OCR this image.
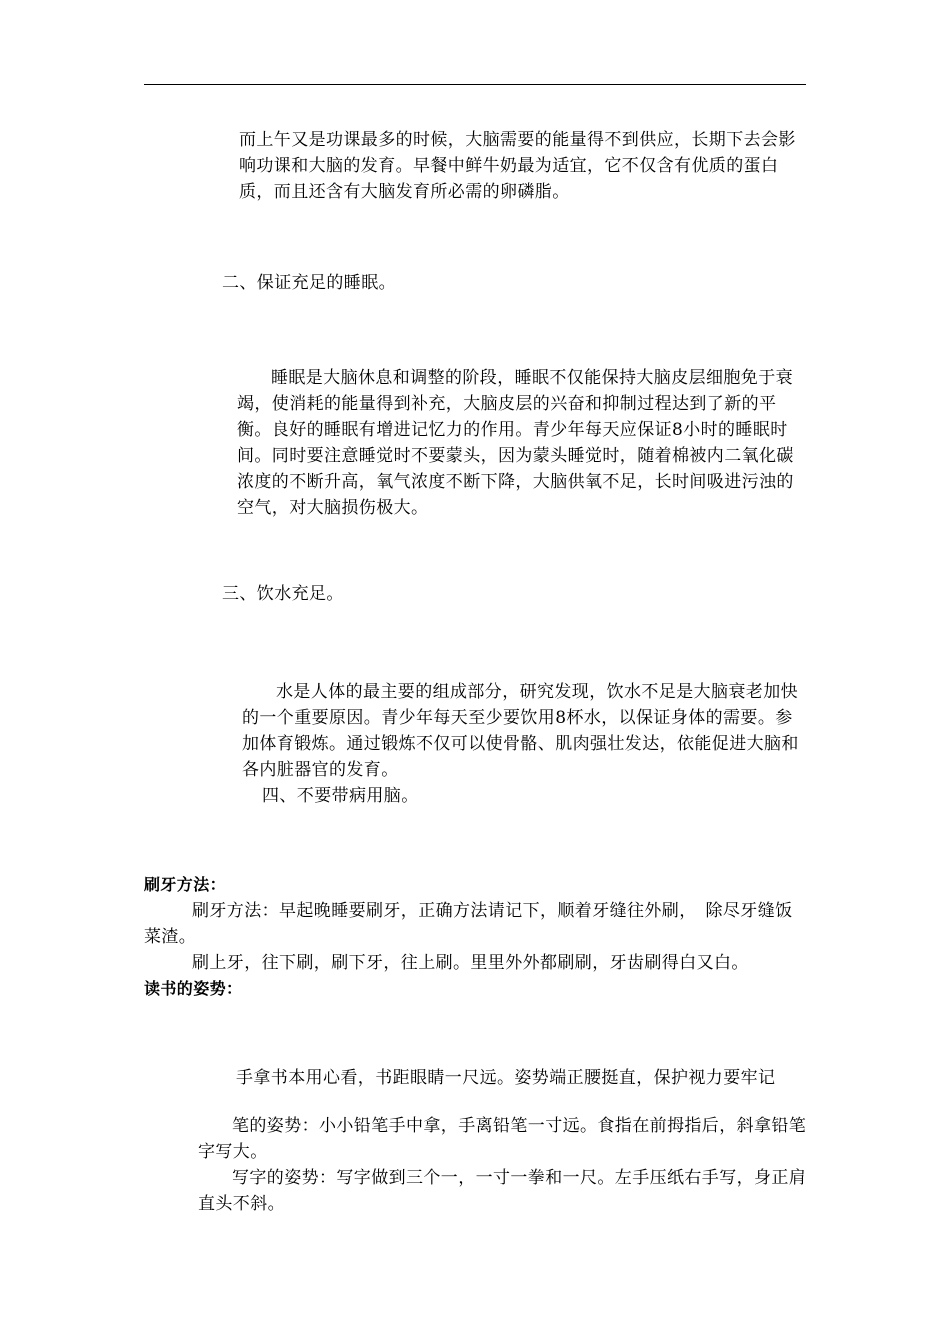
而上午又是功课最多的时候，大脑需要的能量得不到供应，长期下去会影响功课和大脑的发育。早餐中鲜牛奶最为适宜，它不仅含有优质的蛋白质，而且还含有大脑发育所必需的卵磷脂。

二、保证充足的睡眠。

睡眠是大脑休息和调整的阶段，睡眠不仅能保持大脑皮层细胞免于衰竭，使消耗的能量得到补充，大脑皮层的兴奋和抑制过程达到了新的平衡。良好的睡眠有增进记忆力的作用。青少年每天应保证8小时的睡眠时间。同时要注意睡觉时不要蒙头，因为蒙头睡觉时，随着棉被内二氧化碳浓度的不断升高，氧气浓度不断下降，大脑供氧不足，长时间吸进污浊的空气，对大脑损伤极大。

三、饮水充足。

水是人体的最主要的组成部分，研究发现，饮水不足是大脑衰老加快的一个重要原因。青少年每天至少要饮用8杯水，以保证身体的需要。参加体育锻炼。通过锻炼不仅可以使骨骼、肌肉强壮发达，依能促进大脑和各内脏器官的发育。

四、不要带病用脑。

刷牙方法：

刷牙方法：早起晚睡要刷牙，正确方法请记下，顺着牙缝往外刷，　除尽牙缝饭菜渣。

刷上牙，往下刷，刷下牙，往上刷。里里外外都刷刷，牙齿刷得白又白。

读书的姿势：

手拿书本用心看，书距眼睛一尺远。姿势端正腰挺直，保护视力要牢记

笔的姿势：小小铅笔手中拿，手离铅笔一寸远。食指在前拇指后，斜拿铅笔字写大。

写字的姿势：写字做到三个一，一寸一拳和一尺。左手压纸右手写，身正肩直头不斜。
